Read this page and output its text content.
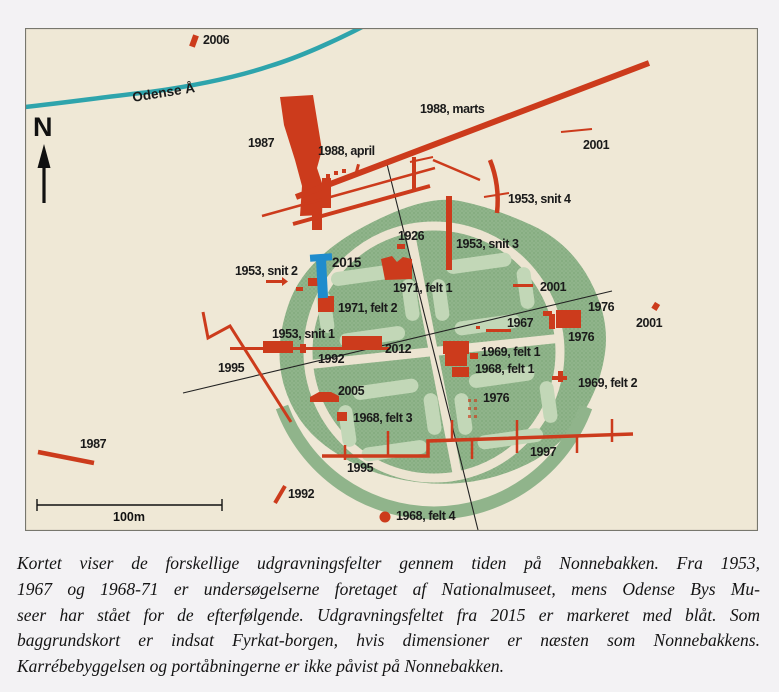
2006
1987
1988, april
1988, marts
2001
1953, snit 4
1926
1953, snit 3
1953, snit 2
2015
1971, felt 1	2001
1976
2001
1971, felt 2
1967
1976
1953, snit 1
1992
2012
1995
1969, felt 1
1968, felt 1
1969, felt 2
2005	1976
1968, felt 3
1987
1995
1997
1992
1968, felt 4
Odense Å
N
100m
Kortet viser de forskellige udgravningsfelter gennem tiden på Nonnebakken. Fra 1953,
1967 og 1968-71 er undersøgelserne foretaget af Nationalmuseet, mens Odense Bys Mu-
seer har stået for de efterfølgende. Udgravningsfeltet fra 2015 er markeret med blåt. Som
baggrundskort er indsat Fyrkat-borgen, hvis dimensioner er næsten som Nonnebakkens.
Karrébebyggelsen og portåbningerne er ikke påvist på Nonnebakken.
